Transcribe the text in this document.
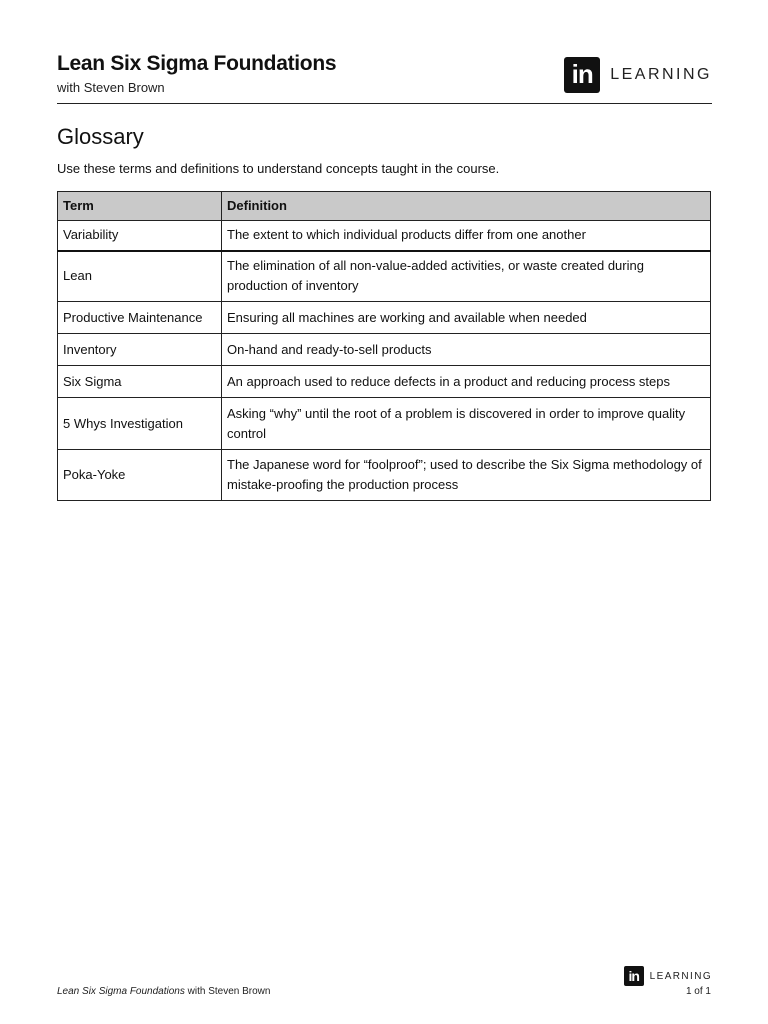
Lean Six Sigma Foundations
with Steven Brown	in	LEARNING
Glossary
Use these terms and definitions to understand concepts taught in the course.
Term	Definition
Variability	The extent to which individual products differ from one another
Lean	The elimination of all non-value-added activities, or waste created during production of inventory
Productive Maintenance	Ensuring all machines are working and available when needed
Inventory	On-hand and ready-to-sell products
Six Sigma	An approach used to reduce defects in a product and reducing process steps
5 Whys Investigation	Asking “why” until the root of a problem is discovered in order to improve quality control
Poka-Yoke	The Japanese word for “foolproof”; used to describe the Six Sigma methodology of mistake-proofing the production process
in	LEARNING
Lean Six Sigma Foundations with Steven Brown	1 of 1
